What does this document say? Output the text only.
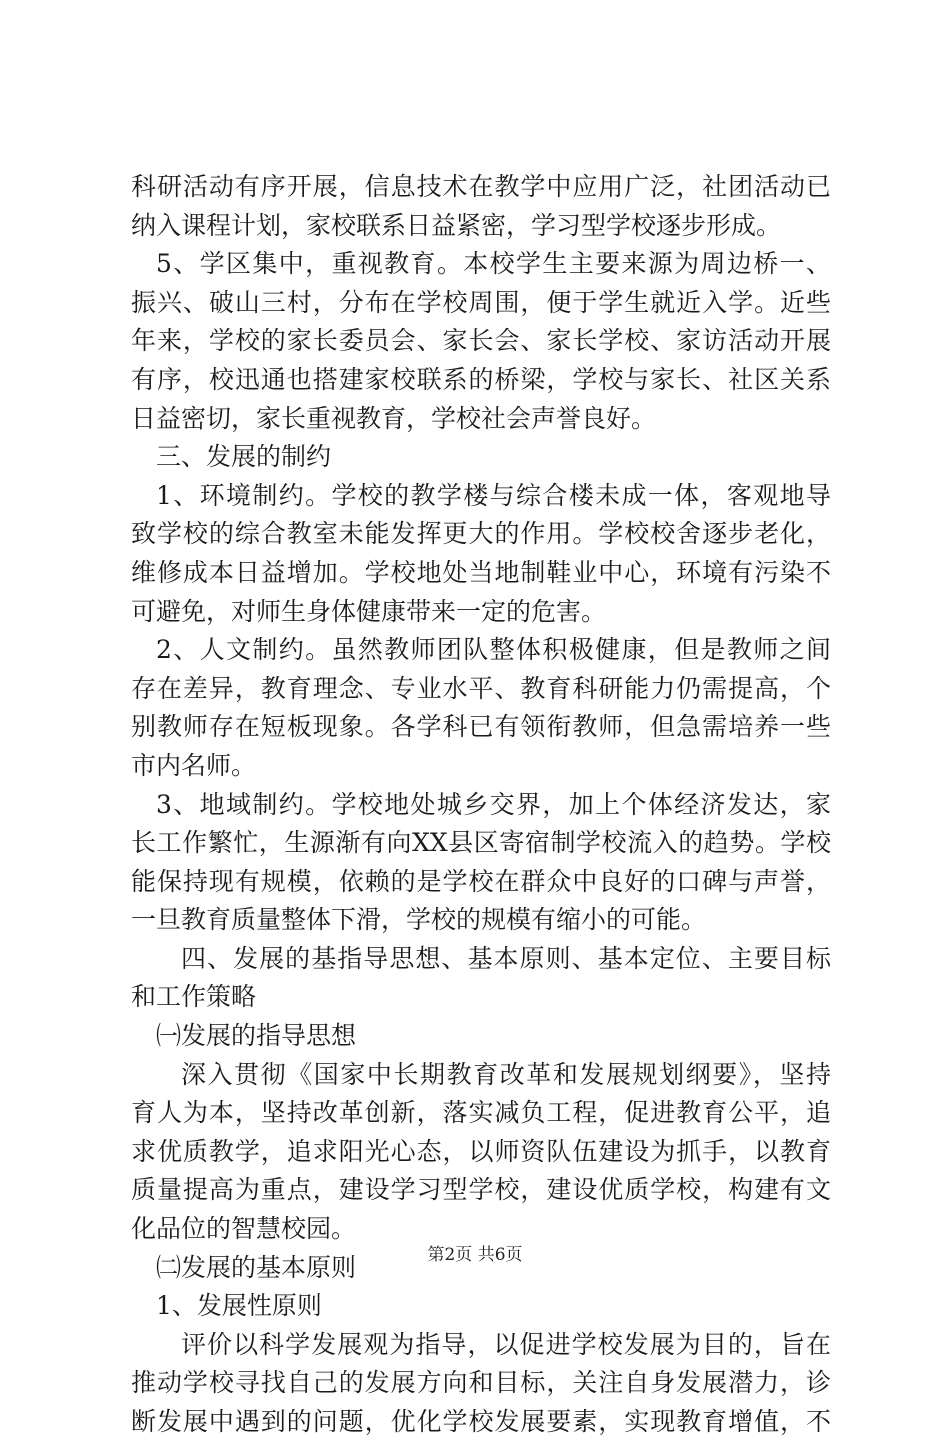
科研活动有序开展，信息技术在教学中应用广泛，社团活动已
纳入课程计划，家校联系日益紧密，学习型学校逐步形成。
5、学区集中，重视教育。本校学生主要来源为周边桥一、
振兴、破山三村，分布在学校周围，便于学生就近入学。近些
年来，学校的家长委员会、家长会、家长学校、家访活动开展
有序，校迅通也搭建家校联系的桥梁，学校与家长、社区关系
日益密切，家长重视教育，学校社会声誉良好。
三、发展的制约
1、环境制约。学校的教学楼与综合楼未成一体，客观地导
致学校的综合教室未能发挥更大的作用。学校校舍逐步老化，
维修成本日益增加。学校地处当地制鞋业中心，环境有污染不
可避免，对师生身体健康带来一定的危害。
2、人文制约。虽然教师团队整体积极健康，但是教师之间
存在差异，教育理念、专业水平、教育科研能力仍需提高，个
别教师存在短板现象。各学科已有领衔教师，但急需培养一些
市内名师。
3、地域制约。学校地处城乡交界，加上个体经济发达，家
长工作繁忙，生源渐有向XX县区寄宿制学校流入的趋势。学校
能保持现有规模，依赖的是学校在群众中良好的口碑与声誉，
一旦教育质量整体下滑，学校的规模有缩小的可能。
四、发展的基指导思想、基本原则、基本定位、主要目标
和工作策略
㈠发展的指导思想
深入贯彻《国家中长期教育改革和发展规划纲要》，坚持
育人为本，坚持改革创新，落实减负工程，促进教育公平，追
求优质教学，追求阳光心态，以师资队伍建设为抓手，以教育
质量提高为重点，建设学习型学校，建设优质学校，构建有文
化品位的智慧校园。
㈡发展的基本原则
1、发展性原则
评价以科学发展观为指导，以促进学校发展为目的，旨在
推动学校寻找自己的发展方向和目标，关注自身发展潜力，诊
断发展中遇到的问题，优化学校发展要素，实现教育增值，不
第2页 共6页
